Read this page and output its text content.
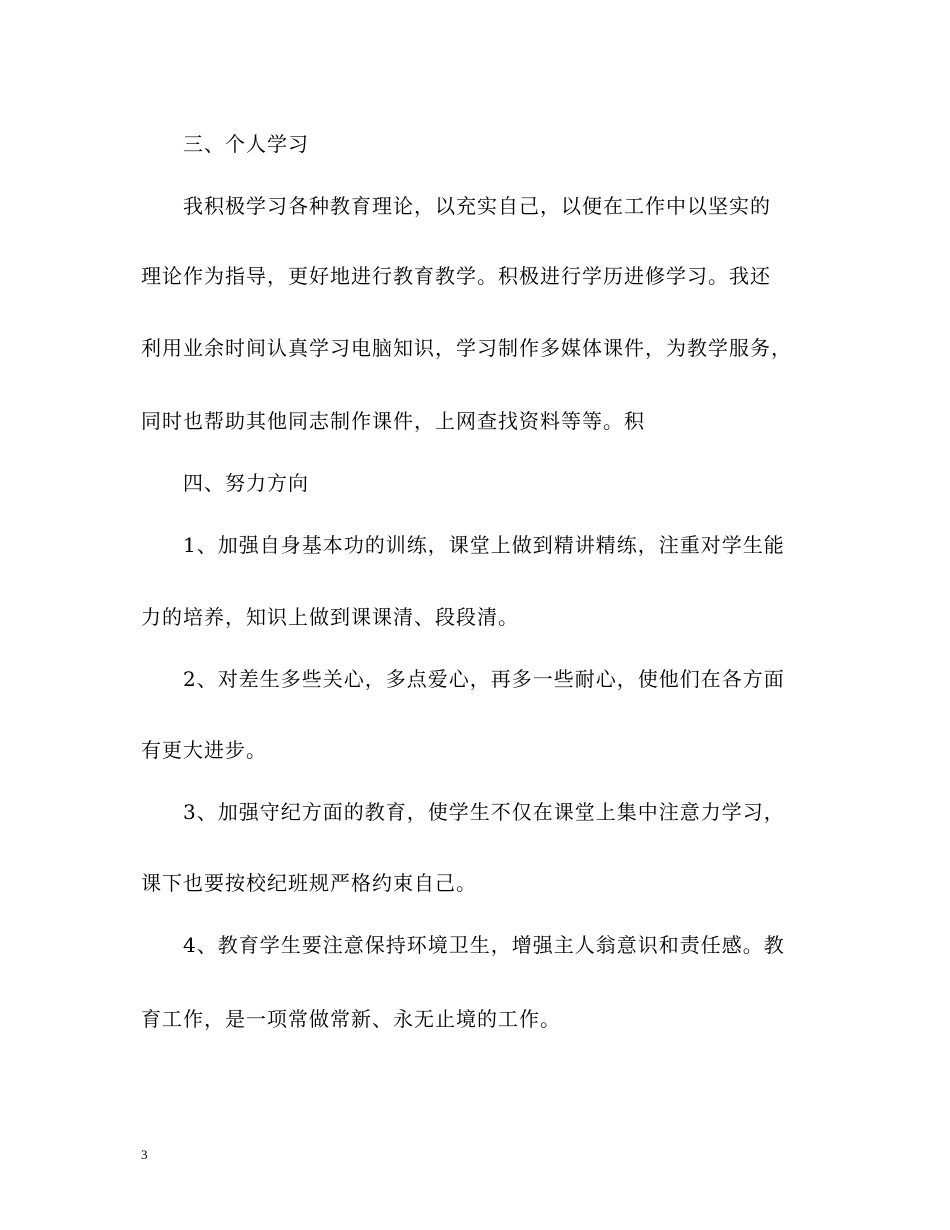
三、个人学习
我积极学习各种教育理论，以充实自己，以便在工作中以坚实的
理论作为指导，更好地进行教育教学。积极进行学历进修学习。我还
利用业余时间认真学习电脑知识，学习制作多媒体课件，为教学服务，
同时也帮助其他同志制作课件，上网查找资料等等。积
四、努力方向
1、加强自身基本功的训练，课堂上做到精讲精练，注重对学生能
力的培养，知识上做到课课清、段段清。
2、对差生多些关心，多点爱心，再多一些耐心，使他们在各方面
有更大进步。
3、加强守纪方面的教育，使学生不仅在课堂上集中注意力学习，
课下也要按校纪班规严格约束自己。
4、教育学生要注意保持环境卫生，增强主人翁意识和责任感。教
育工作，是一项常做常新、永无止境的工作。
3
